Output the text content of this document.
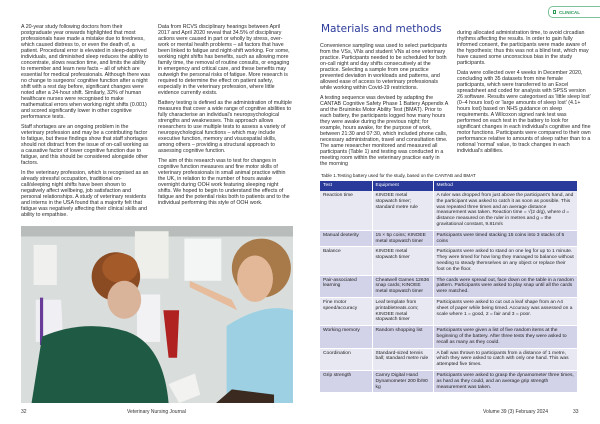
A 20-year study following doctors from their postgraduate year onwards highlighted that most professionals have made a mistake due to tiredness, which caused distress to, or even the death of, a patient. Procedural error is elevated in sleep-deprived individuals, and diminished sleep reduces the ability to concentrate, slows reaction time, and limits the ability to remember and learn new facts – all of which are essential for medical professionals. Although there was no change to surgeons' cognitive function after a night shift with a rest day before, significant changes were noted after a 24-hour shift. Similarly, 32% of human healthcare nurses were recognised to make mathematical errors when working night shifts (0.001) and scored significantly lower in other cognitive performance tests.

Staff shortages are an ongoing problem in the veterinary profession and may be a contributing factor to fatigue, but these findings show that staff shortages should not distract from the issue of on-call working as a causative factor of lower cognitive function due to fatigue, and this should be considered alongside other factors.

In the veterinary profession, which is recognised as an already stressful occupation, traditional on-call/sleeping night shifts have been shown to negatively affect wellbeing, job satisfaction and personal relationships. A study of veterinary residents and interns in the USA found that a majority felt that fatigue was negatively affecting their clinical skills and ability to empathise.

Data from RCVS disciplinary hearings between April 2017 and April 2020 reveal that 34.5% of disciplinary actions were caused in part or wholly by stress, over-work or mental health problems – all factors that have been linked to fatigue and night-shift working. For some, working night shifts has benefits, such as allowing more family time, the removal of routine consults, or engaging in emergency and critical care, and these benefits may outweigh the personal risks of fatigue. More research is required to determine the effect on patient safety, especially in the veterinary profession, where little evidence currently exists.

Battery testing is defined as the administration of multiple measures that cover a wide range of cognitive abilities to fully characterise an individual's neuropsychological strengths and weaknesses. This approach allows researchers to use multiple tests to assess a variety of neuropsychological functions – which may include executive function, memory and visuospatial skills, among others – providing a structural approach to assessing cognitive function.

The aim of this research was to test for changes in cognitive function measures and fine motor skills of veterinary professionals in small animal practice within the UK, in relation to the number of hours awake overnight during OOH work featuring sleeping night shifts. We hoped to begin to understand the effects of fatigue and the potential risks both to patients and to the individual performing this style of OOH work.

32	Veterinary Nursing Journal
CLINICAL
Materials and methods

Convenience sampling was used to select participants from the VSs, VNs and student VNs at one veterinary practice. Participants needed to be scheduled for both on-call night and day shifts consecutively at the practice. Selecting a sample from one practice prevented deviation in workloads and patterns, and allowed ease of access to veterinary professionals while working within Covid-19 restrictions.

A testing sequence was devised by adapting the CANTAB Cognitive Safety Phase 1 Battery Appendix A and the Bruininks Motor Ability Test (BMAT). Prior to each battery, the participants logged how many hours they were awake during the previous night; for example, hours awake, for the purpose of work, between 21:30 and 07:30, which included phone calls, necessary administration, travel and consultation time. The same researcher monitored and measured all participants (Table 1) and testing was conducted in a meeting room within the veterinary practice early in the morning

during allocated administration time, to avoid circadian rhythms affecting the results. In order to gain fully informed consent, the participants were made aware of the hypothesis; thus this was not a blind test, which may have caused some unconscious bias in the study participants.

Data were collected over 4 weeks in December 2020, concluding with 35 datasets from nine female participants, which were transferred to an Excel spreadsheet and coded for analysis with SPSS version 26 software. Results were categorised as 'little sleep lost' (0–4 hours lost) or 'large amounts of sleep lost' (4.1+ hours lost) based on NHS guidance on sleep requirements. A Wilcoxon signed rank test was performed on each test in the battery to look for significant changes in each individual's cognitive and fine motor functions. Participants were compared to their own performance relative to amounts of sleep rather than to a notional 'normal' value, to track changes in each individual's abilities.

Table 1.Testing battery used for the study, based on the CANTAB and BMAT
Test	Equipment	Method
Reaction time	KINOEE metal stopwatch timer; standard metre rule	A ruler was dropped from just above the participant's hand, and the participant was asked to catch it as soon as possible. This was repeated three times and an average distance measurement was taken. Reaction time = √(2 d/g), where d = distance measured on the ruler in metres and g = the gravitational constant, 9.81m/s
Manual dexterity	15 × 5p coins; KINOEE metal stopwatch timer	Participants were timed stacking 15 coins into 3 stacks of 5 coins
Balance	KINOEE metal stopwatch timer	Participants were asked to stand on one leg for up to 1 minute. They were timed for how long they managed to balance without needing to steady themselves on any object or replace their foot on the floor.
Pair-associated learning	Cheatwell Games 12636 snap cards; KINOEE metal stopwatch timer	The cards were spread out, face down on the table in a random pattern. Participants were asked to play snap until all the cards were matched.
Fine motor speed/accuracy	Leaf template from printabletreats.com; KINOEE metal stopwatch timer	Participants were asked to cut out a leaf shape from an A4 sheet of paper while being timed. Accuracy was assessed on a scale where 1 = good, 2 = fair and 3 = poor.
Working memory	Random shopping list	Participants were given a list of five random items at the beginning of the battery. After three tests they were asked to recall as many as they could.
Coordination	Standard-sized tennis ball; standard metre rule	A ball was thrown to participants from a distance of 1 metre, which they were asked to catch with only one hand. This was attempted five times.
Grip strength	Camry Digital Hand Dynamometer 200 lb/90 kg	Participants were asked to grasp the dynamometer three times, as hard as they could, and an average grip strength measurement was taken.
Volume 39 (3) February 2024	33
